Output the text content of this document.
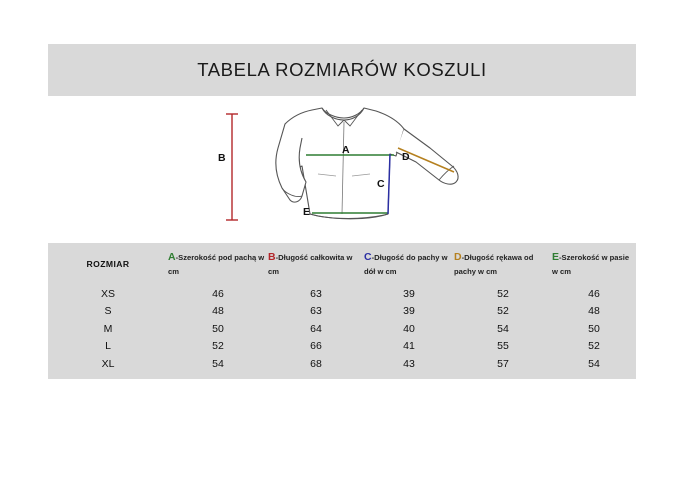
TABELA ROZMIARÓW KOSZULI
A
B
C
D
E
ROZMIAR	A-Szerokość pod pachą w cm	B-Długość całkowita w cm	C-Długość do pachy w dół w cm	D-Długość rękawa od pachy w cm	E-Szerokość w pasie w cm
XS	46	63	39	52	46
S	48	63	39	52	48
M	50	64	40	54	50
L	52	66	41	55	52
XL	54	68	43	57	54
